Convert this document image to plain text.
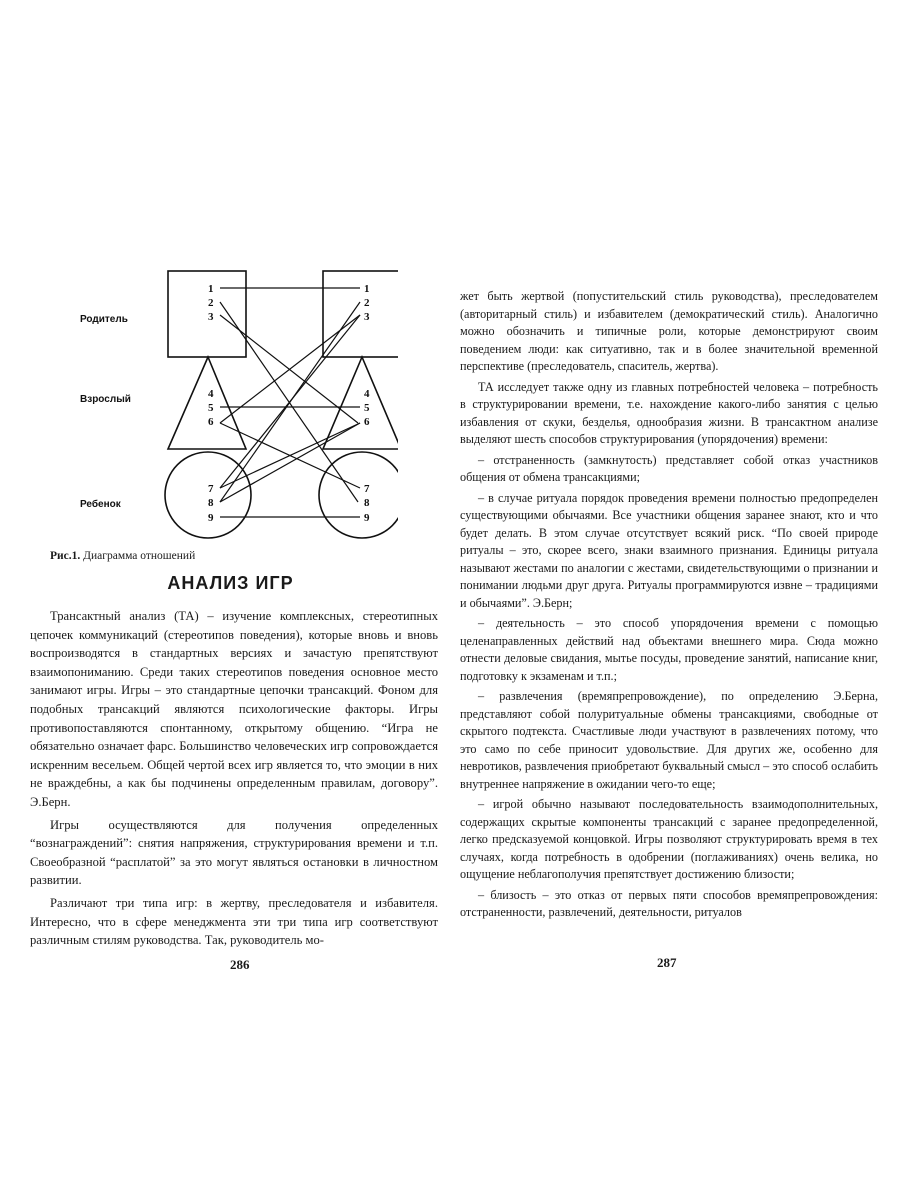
Родитель
Взрослый
Ребенок
1
2
3
4
5
6
7
8
9
1
2
3
4
5
6
7
8
9
Рис.1. Диаграмма отношений
АНАЛИЗ ИГР

Трансактный анализ (ТА) – изучение комплексных, стереотипных цепочек коммуникаций (стереотипов поведения), которые вновь и вновь воспроизводятся в стандартных версиях и зачастую препятствуют взаимопониманию. Среди таких стереотипов поведения основное место занимают игры. Игры – это стандартные цепочки трансакций. Фоном для подобных трансакций являются психологические факторы. Игры противопоставляются спонтанному, открытому общению. “Игра не обязательно означает фарс. Большинство человеческих игр сопровождается искренним весельем. Общей чертой всех игр является то, что эмоции в них не враждебны, а как бы подчинены определенным правилам, договору”. Э.Берн.

Игры осуществляются для получения определенных “вознаграждений”: снятия напряжения, структурирования времени и т.п. Своеобразной “расплатой” за это могут являться остановки в личностном развитии.

Различают три типа игр: в жертву, преследователя и избавителя. Интересно, что в сфере менеджмента эти три типа игр соответствуют различным стилям руководства. Так, руководитель мо-

286

жет быть жертвой (попустительский стиль руководства), преследователем (авторитарный стиль) и избавителем (демократический стиль). Аналогично можно обозначить и типичные роли, которые демонстрируют своим поведением люди: как ситуативно, так и в более значительной временной перспективе (преследователь, спаситель, жертва).

ТА исследует также одну из главных потребностей человека – потребность в структурировании времени, т.е. нахождение какого-либо занятия с целью избавления от скуки, безделья, однообразия жизни. В трансактном анализе выделяют шесть способов структурирования (упорядочения) времени:

– отстраненность (замкнутость) представляет собой отказ участников общения от обмена трансакциями;

– в случае ритуала порядок проведения времени полностью предопределен существующими обычаями. Все участники общения заранее знают, кто и что будет делать. В этом случае отсутствует всякий риск. “По своей природе ритуалы – это, скорее всего, знаки взаимного признания. Единицы ритуала называют жестами по аналогии с жестами, свидетельствующими о признании и понимании людьми друг друга. Ритуалы программируются извне – традициями и обычаями”. Э.Берн;

– деятельность – это способ упорядочения времени с помощью целенаправленных действий над объектами внешнего мира. Сюда можно отнести деловые свидания, мытье посуды, проведение занятий, написание книг, подготовку к экзаменам и т.п.;

– развлечения (времяпрепровождение), по определению Э.Берна, представляют собой полуритуальные обмены трансакциями, свободные от скрытого подтекста. Счастливые люди участвуют в развлечениях потому, что это само по себе приносит удовольствие. Для других же, особенно для невротиков, развлечения приобретают буквальный смысл – это способ ослабить внутреннее напряжение в ожидании чего-то еще;

– игрой обычно называют последовательность взаимодополнительных, содержащих скрытые компоненты трансакций с заранее предопределенной, легко предсказуемой концовкой. Игры позволяют структурировать время в тех случаях, когда потребность в одобрении (поглаживаниях) очень велика, но ощущение неблагополучия препятствует достижению близости;

– близость – это отказ от первых пяти способов времяпрепровождения: отстраненности, развлечений, деятельности, ритуалов

287
